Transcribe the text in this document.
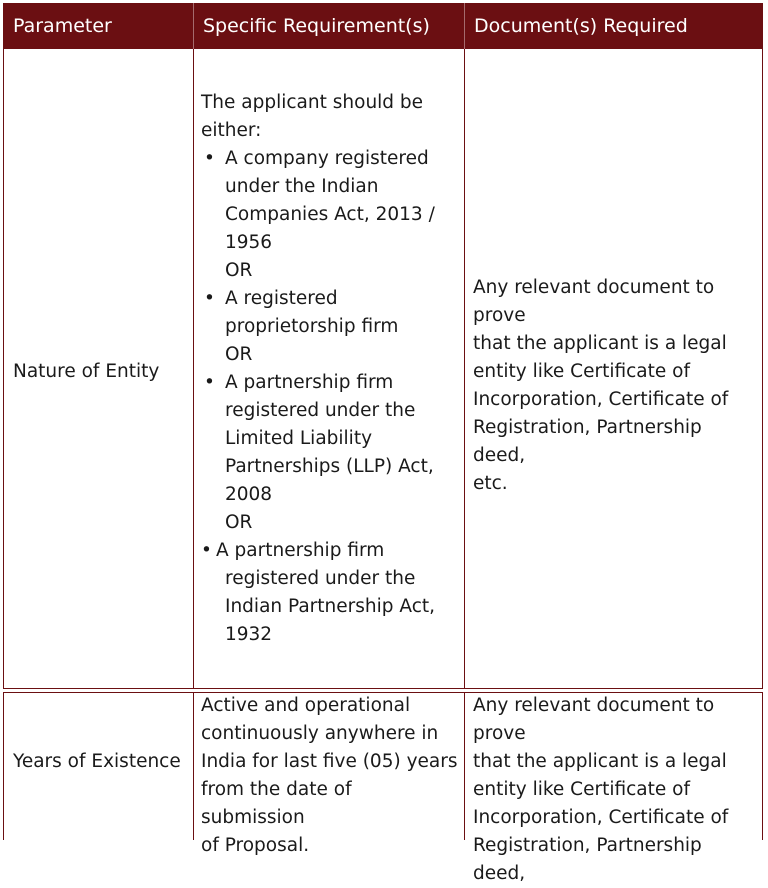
Parameter	Specific Requirement(s)	Document(s) Required
Nature of Entity
The applicant should be
either:
• A company registered
under the Indian
Companies Act, 2013 /
1956
OR
• A registered
proprietorship firm
OR
• A partnership firm
registered under the
Limited Liability
Partnerships (LLP) Act,
2008
OR
• A partnership firm
registered under the
Indian Partnership Act,
1932
Any relevant document to prove
that the applicant is a legal
entity like Certificate of
Incorporation, Certificate of
Registration, Partnership deed,
etc.
Years of Existence
Active and operational
continuously anywhere in
India for last five (05) years
from the date of submission
of Proposal.
Any relevant document to prove
that the applicant is a legal
entity like Certificate of
Incorporation, Certificate of
Registration, Partnership deed,
